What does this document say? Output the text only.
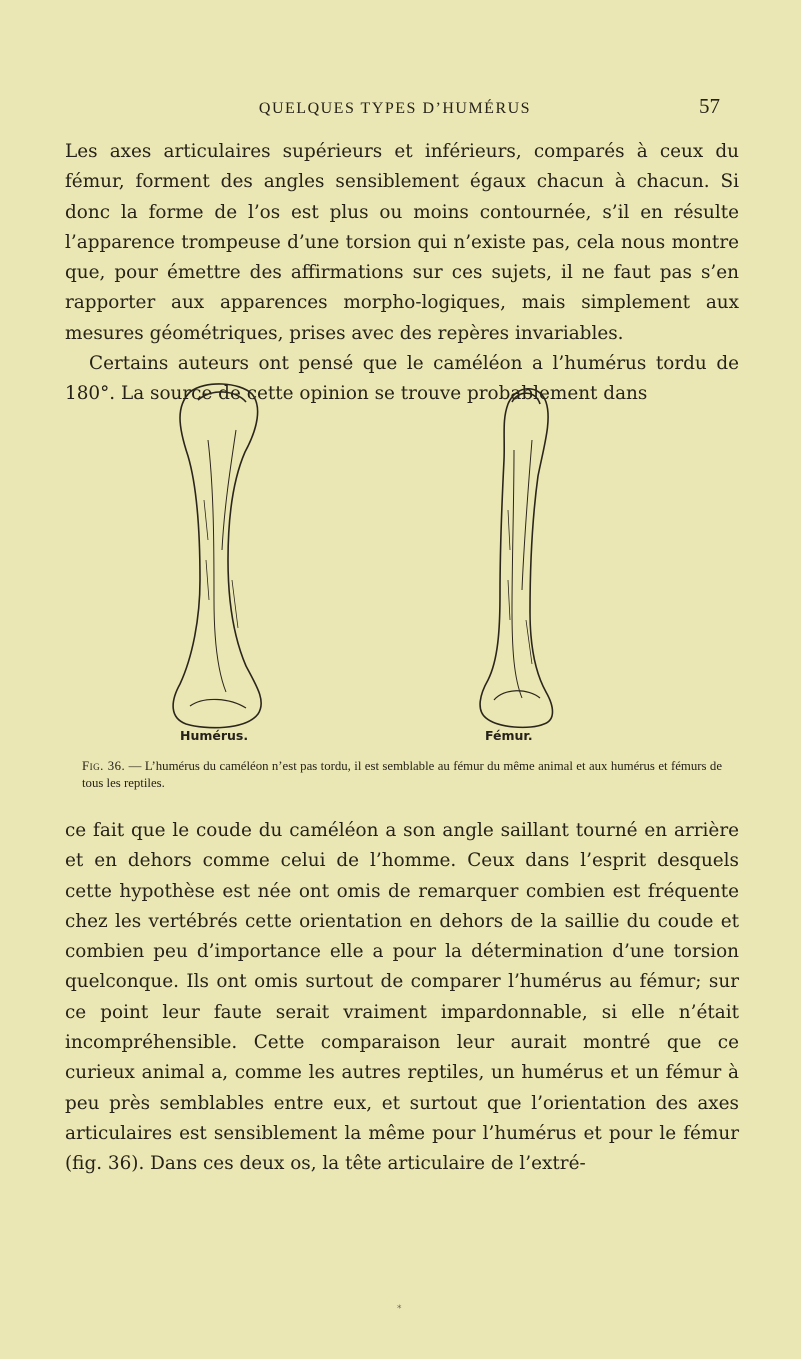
QUELQUES TYPES D’HUMÉRUS	57

Les axes articulaires supérieurs et inférieurs, comparés à ceux du fémur, forment des angles sensiblement égaux chacun à chacun. Si donc la forme de l’os est plus ou moins contournée, s’il en résulte l’apparence trompeuse d’une torsion qui n’existe pas, cela nous montre que, pour émettre des affirmations sur ces sujets, il ne faut pas s’en rapporter aux apparences morpho-logiques, mais simplement aux mesures géométriques, prises avec des repères invariables.

Certains auteurs ont pensé que le caméléon a l’humérus tordu de 180°. La source de cette opinion se trouve probablement dans

Humérus.	Fémur.

Fig. 36. — L’humérus du caméléon n’est pas tordu, il est semblable au fémur du même animal et aux humérus et fémurs de tous les reptiles.

ce fait que le coude du caméléon a son angle saillant tourné en arrière et en dehors comme celui de l’homme. Ceux dans l’esprit desquels cette hypothèse est née ont omis de remarquer combien est fréquente chez les vertébrés cette orientation en dehors de la saillie du coude et combien peu d’importance elle a pour la détermination d’une torsion quelconque. Ils ont omis surtout de comparer l’humérus au fémur; sur ce point leur faute serait vraiment impardonnable, si elle n’était incompréhensible. Cette comparaison leur aurait montré que ce curieux animal a, comme les autres reptiles, un humérus et un fémur à peu près semblables entre eux, et surtout que l’orientation des axes articulaires est sensiblement la même pour l’humérus et pour le fémur (fig. 36). Dans ces deux os, la tête articulaire de l’extré-

*
